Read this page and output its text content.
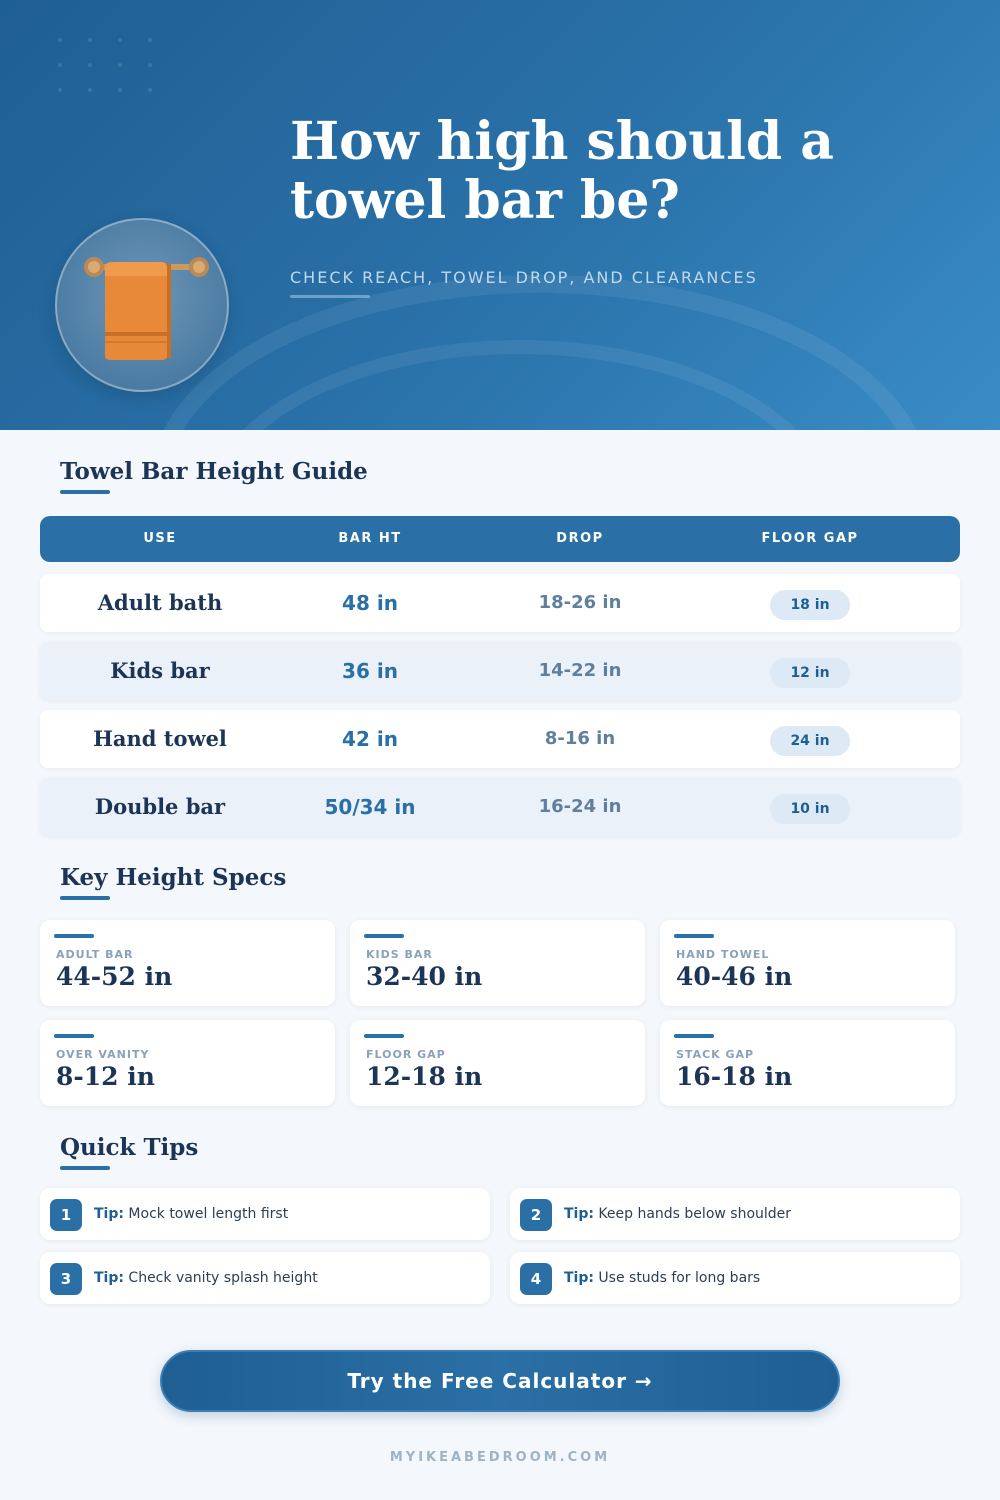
How high should a
towel bar be?
CHECK REACH, TOWEL DROP, AND CLEARANCES
Towel Bar Height Guide
USE	BAR HT	DROP	FLOOR GAP
Adult bath	48 in	18-26 in	18 in
Kids bar	36 in	14-22 in	12 in
Hand towel	42 in	8-16 in	24 in
Double bar	50/34 in	16-24 in	10 in
Key Height Specs
ADULT BAR
44-52 in
KIDS BAR
32-40 in
HAND TOWEL
40-46 in
OVER VANITY
8-12 in
FLOOR GAP
12-18 in
STACK GAP
16-18 in
Quick Tips
1	Tip: Mock towel length first	2	Tip: Keep hands below shoulder
3	Tip: Check vanity splash height	4	Tip: Use studs for long bars
Try the Free Calculator →
MYIKEABEDROOM.COM
